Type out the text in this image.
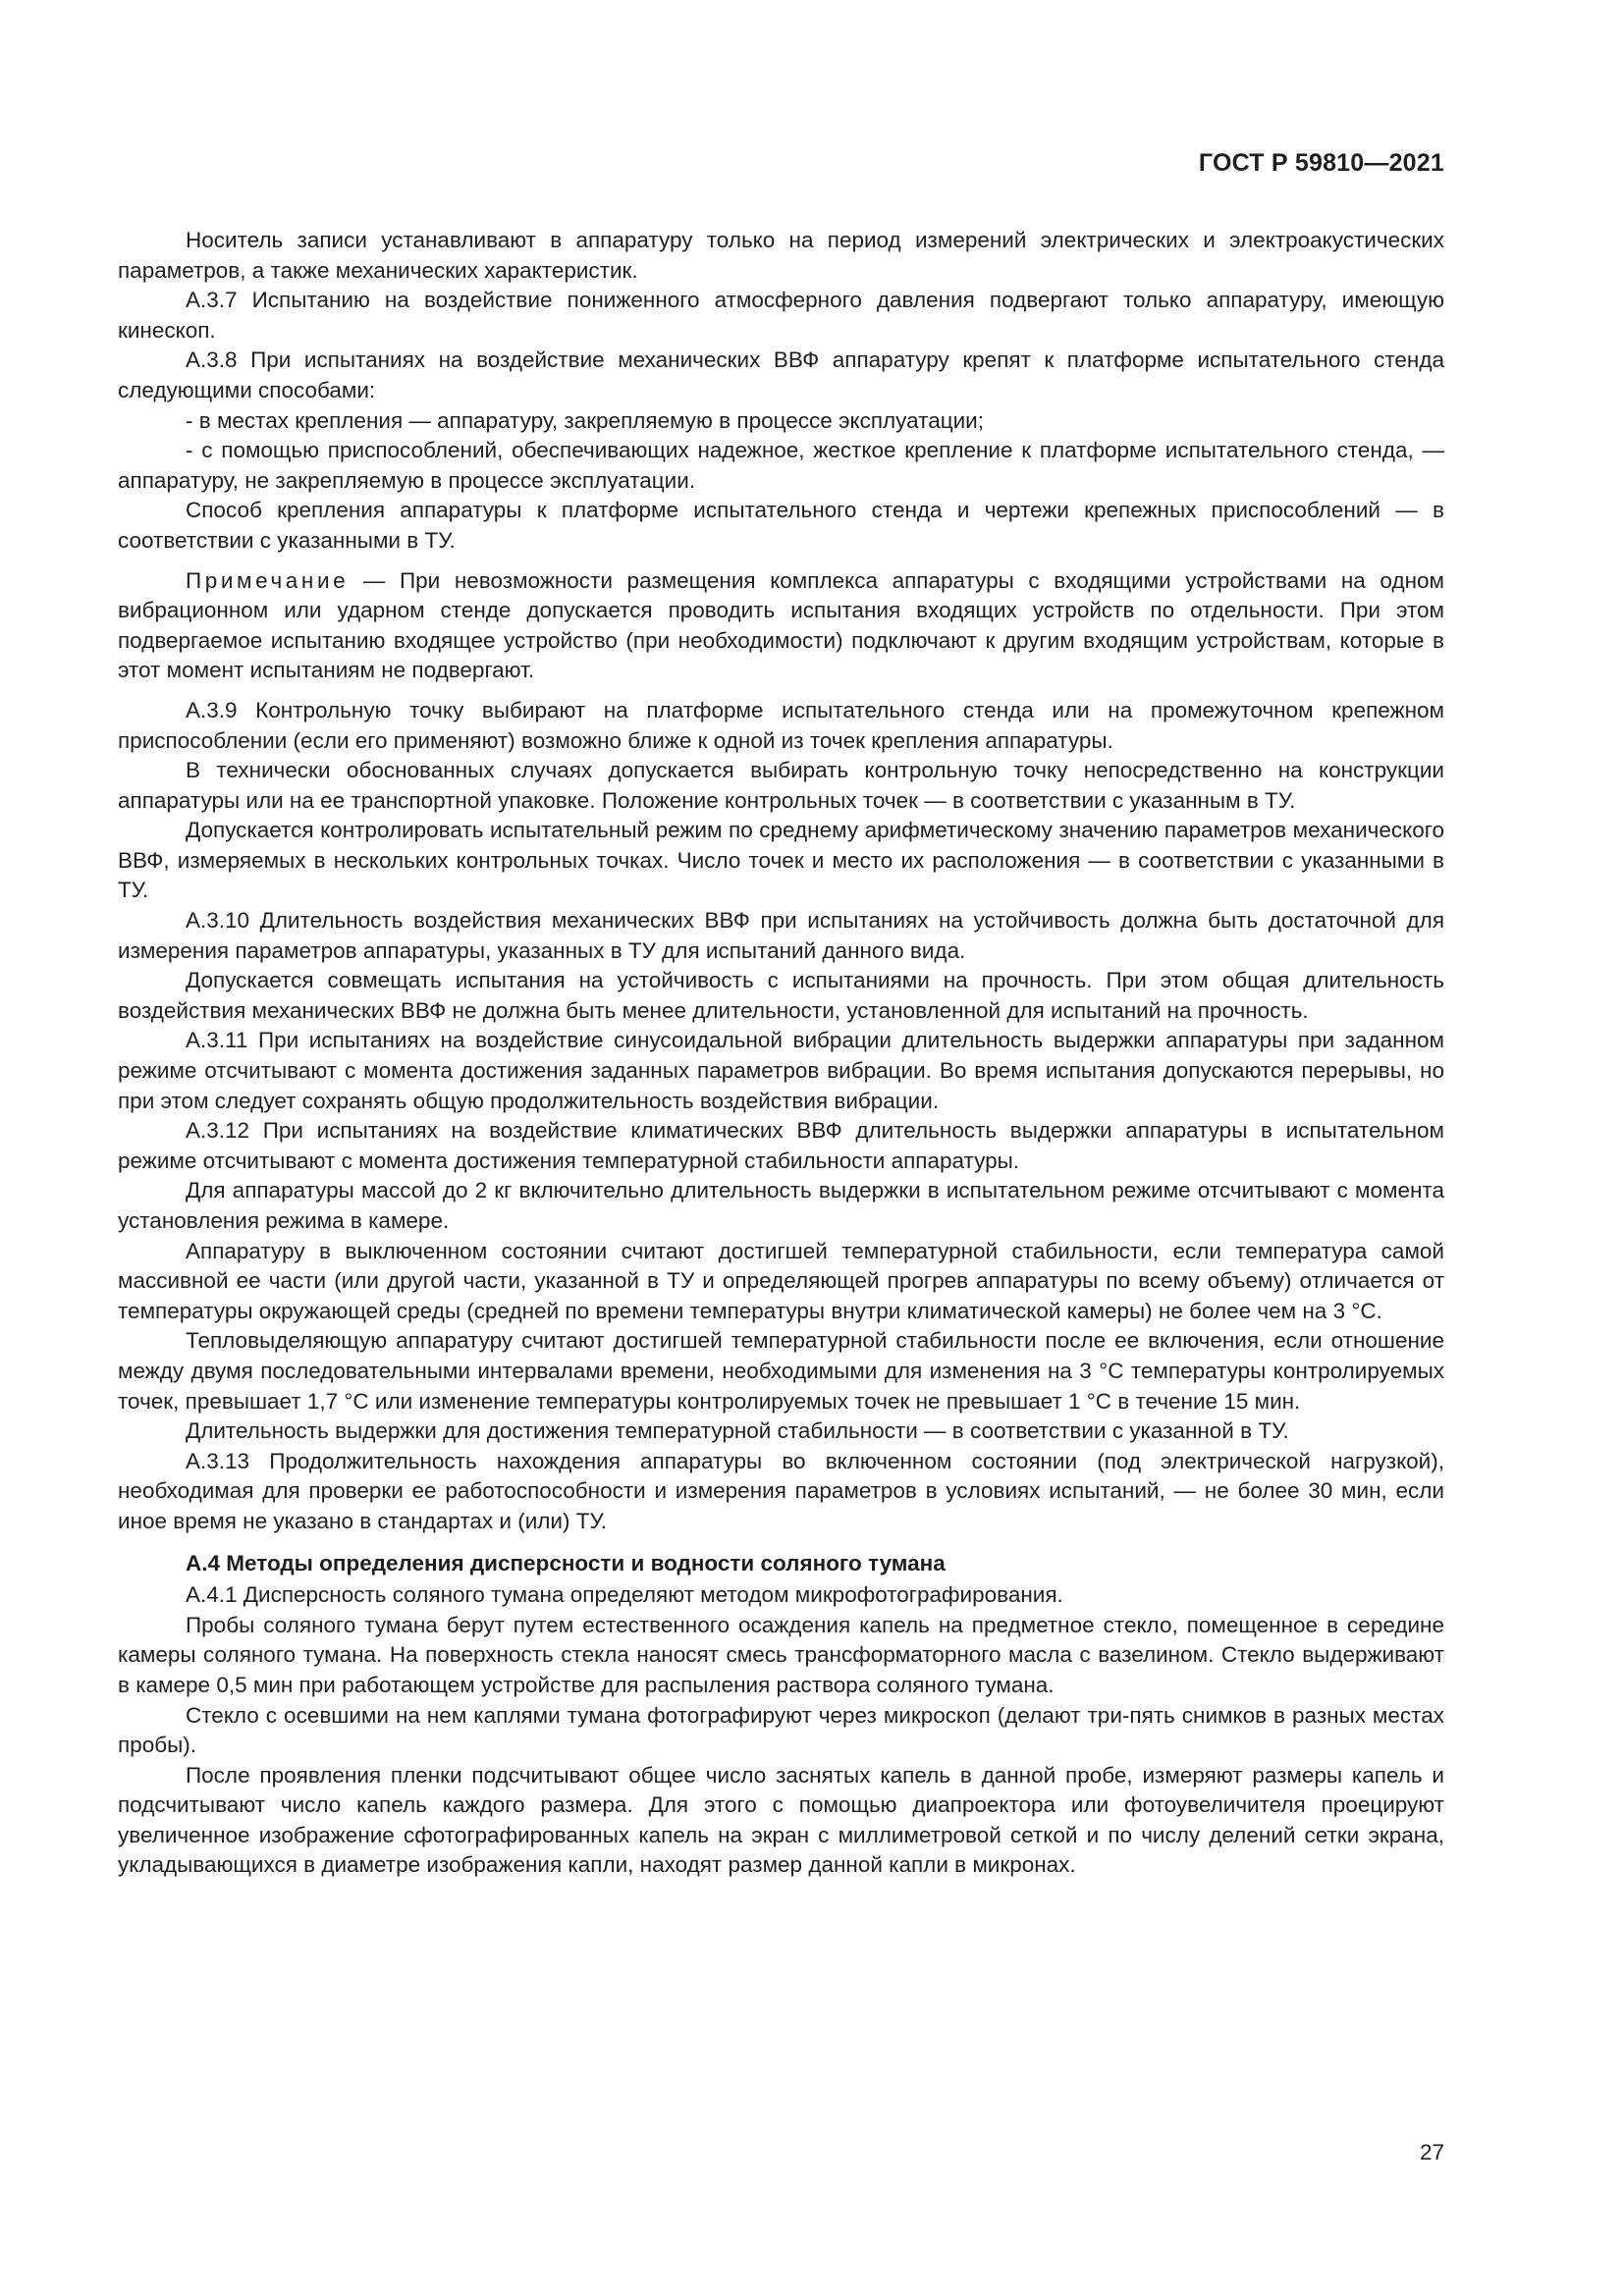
ГОСТ Р 59810—2021

Носитель записи устанавливают в аппаратуру только на период измерений электрических и электроакустических параметров, а также механических характеристик.

А.3.7 Испытанию на воздействие пониженного атмосферного давления подвергают только аппаратуру, имеющую кинескоп.

А.3.8 При испытаниях на воздействие механических ВВФ аппаратуру крепят к платформе испытательного стенда следующими способами:

- в местах крепления — аппаратуру, закрепляемую в процессе эксплуатации;

- с помощью приспособлений, обеспечивающих надежное, жесткое крепление к платформе испытательного стенда, — аппаратуру, не закрепляемую в процессе эксплуатации.

Способ крепления аппаратуры к платформе испытательного стенда и чертежи крепежных приспособлений — в соответствии с указанными в ТУ.

Примечание — При невозможности размещения комплекса аппаратуры с входящими устройствами на одном вибрационном или ударном стенде допускается проводить испытания входящих устройств по отдельности. При этом подвергаемое испытанию входящее устройство (при необходимости) подключают к другим входящим устройствам, которые в этот момент испытаниям не подвергают.

А.3.9 Контрольную точку выбирают на платформе испытательного стенда или на промежуточном крепежном приспособлении (если его применяют) возможно ближе к одной из точек крепления аппаратуры.

В технически обоснованных случаях допускается выбирать контрольную точку непосредственно на конструкции аппаратуры или на ее транспортной упаковке. Положение контрольных точек — в соответствии с указанным в ТУ.

Допускается контролировать испытательный режим по среднему арифметическому значению параметров механического ВВФ, измеряемых в нескольких контрольных точках. Число точек и место их расположения — в соответствии с указанными в ТУ.

А.3.10 Длительность воздействия механических ВВФ при испытаниях на устойчивость должна быть достаточной для измерения параметров аппаратуры, указанных в ТУ для испытаний данного вида.

Допускается совмещать испытания на устойчивость с испытаниями на прочность. При этом общая длительность воздействия механических ВВФ не должна быть менее длительности, установленной для испытаний на прочность.

А.3.11 При испытаниях на воздействие синусоидальной вибрации длительность выдержки аппаратуры при заданном режиме отсчитывают с момента достижения заданных параметров вибрации. Во время испытания допускаются перерывы, но при этом следует сохранять общую продолжительность воздействия вибрации.

А.3.12 При испытаниях на воздействие климатических ВВФ длительность выдержки аппаратуры в испытательном режиме отсчитывают с момента достижения температурной стабильности аппаратуры.

Для аппаратуры массой до 2 кг включительно длительность выдержки в испытательном режиме отсчитывают с момента установления режима в камере.

Аппаратуру в выключенном состоянии считают достигшей температурной стабильности, если температура самой массивной ее части (или другой части, указанной в ТУ и определяющей прогрев аппаратуры по всему объему) отличается от температуры окружающей среды (средней по времени температуры внутри климатической камеры) не более чем на 3 °С.

Тепловыделяющую аппаратуру считают достигшей температурной стабильности после ее включения, если отношение между двумя последовательными интервалами времени, необходимыми для изменения на 3 °С температуры контролируемых точек, превышает 1,7 °С или изменение температуры контролируемых точек не превышает 1 °С в течение 15 мин.

Длительность выдержки для достижения температурной стабильности — в соответствии с указанной в ТУ.

А.3.13 Продолжительность нахождения аппаратуры во включенном состоянии (под электрической нагрузкой), необходимая для проверки ее работоспособности и измерения параметров в условиях испытаний, — не более 30 мин, если иное время не указано в стандартах и (или) ТУ.

А.4 Методы определения дисперсности и водности соляного тумана

А.4.1 Дисперсность соляного тумана определяют методом микрофотографирования.

Пробы соляного тумана берут путем естественного осаждения капель на предметное стекло, помещенное в середине камеры соляного тумана. На поверхность стекла наносят смесь трансформаторного масла с вазелином. Стекло выдерживают в камере 0,5 мин при работающем устройстве для распыления раствора соляного тумана.

Стекло с осевшими на нем каплями тумана фотографируют через микроскоп (делают три-пять снимков в разных местах пробы).

После проявления пленки подсчитывают общее число заснятых капель в данной пробе, измеряют размеры капель и подсчитывают число капель каждого размера. Для этого с помощью диапроектора или фотоувеличителя проецируют увеличенное изображение сфотографированных капель на экран с миллиметровой сеткой и по числу делений сетки экрана, укладывающихся в диаметре изображения капли, находят размер данной капли в микронах.

27
